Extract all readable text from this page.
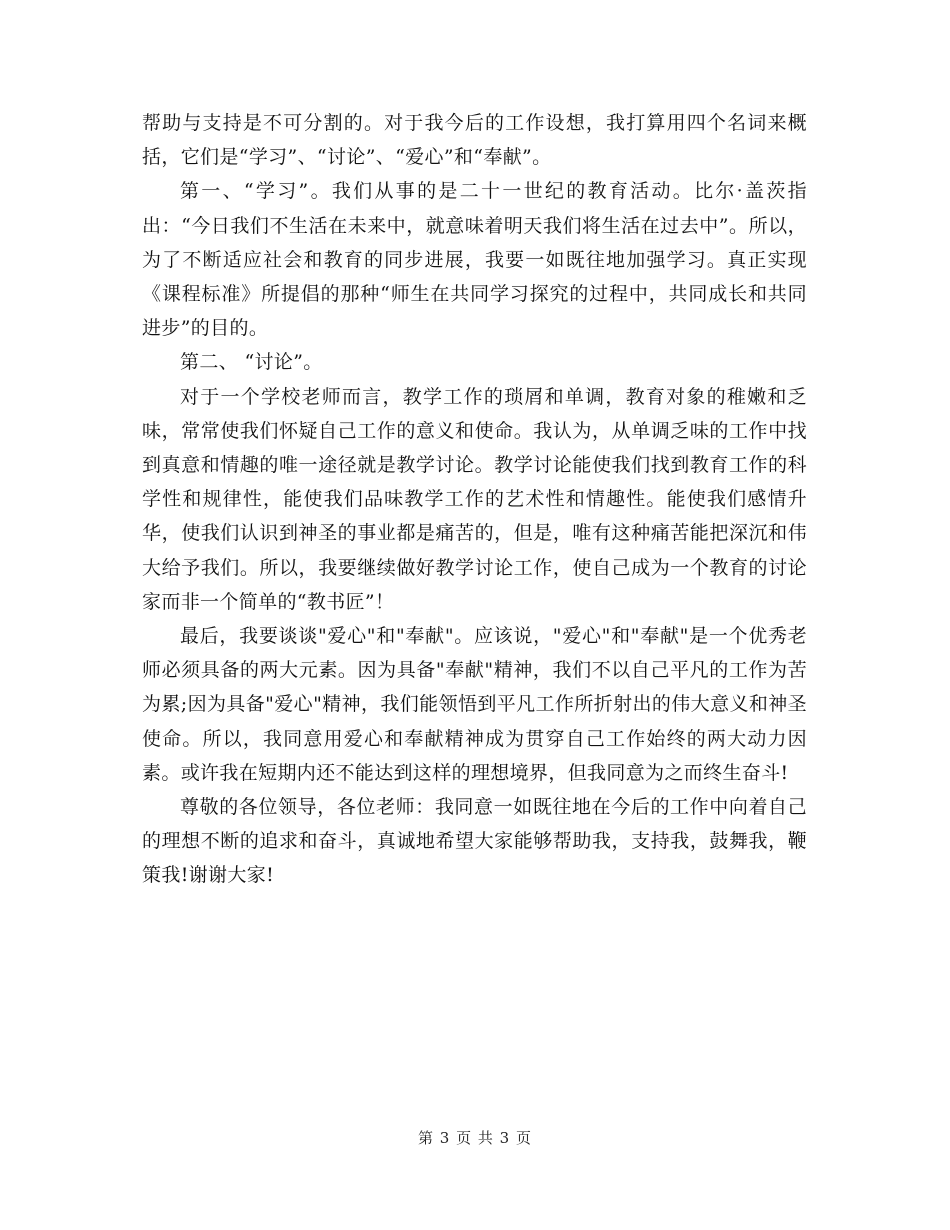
帮助与支持是不可分割的。对于我今后的工作设想，我打算用四个名词来概括，它们是“学习”、“讨论”、“爱心”和“奉献”。

第一、“学习”。我们从事的是二十一世纪的教育活动。比尔·盖茨指出：“今日我们不生活在未来中，就意味着明天我们将生活在过去中”。所以，为了不断适应社会和教育的同步进展，我要一如既往地加强学习。真正实现《课程标准》所提倡的那种“师生在共同学习探究的过程中，共同成长和共同进步”的目的。

第二、 “讨论”。

对于一个学校老师而言，教学工作的琐屑和单调，教育对象的稚嫩和乏味，常常使我们怀疑自己工作的意义和使命。我认为，从单调乏味的工作中找到真意和情趣的唯一途径就是教学讨论。教学讨论能使我们找到教育工作的科学性和规律性，能使我们品味教学工作的艺术性和情趣性。能使我们感情升华，使我们认识到神圣的事业都是痛苦的，但是，唯有这种痛苦能把深沉和伟大给予我们。所以，我要继续做好教学讨论工作，使自己成为一个教育的讨论家而非一个简单的“教书匠”！

最后，我要谈谈"爱心"和"奉献"。应该说，"爱心"和"奉献"是一个优秀老师必须具备的两大元素。因为具备"奉献"精神，我们不以自己平凡的工作为苦为累;因为具备"爱心"精神，我们能领悟到平凡工作所折射出的伟大意义和神圣使命。所以，我同意用爱心和奉献精神成为贯穿自己工作始终的两大动力因素。或许我在短期内还不能达到这样的理想境界，但我同意为之而终生奋斗!

尊敬的各位领导，各位老师：我同意一如既往地在今后的工作中向着自己的理想不断的追求和奋斗，真诚地希望大家能够帮助我，支持我，鼓舞我，鞭策我!谢谢大家!

第 3 页 共 3 页
